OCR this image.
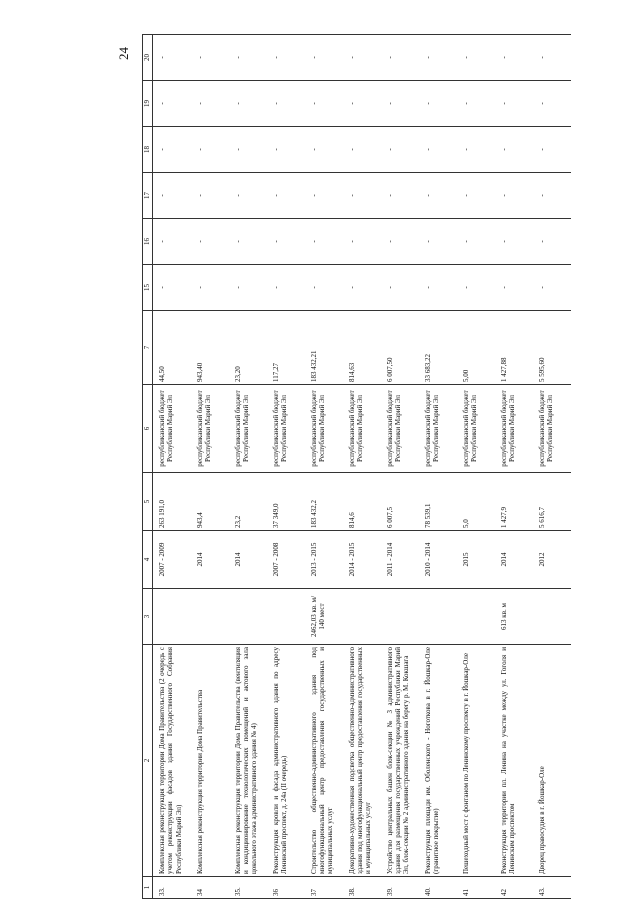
24
1	2	3	4	5	6	7	15	16	17	18	19	20
33.	Комплексная реконструкция территории Дома Правительства (2 очередь с учетом реконструкции фасадов здания Государственного Собрания Республики Марий Эл)		2007 - 2009	263 191,0	республиканский бюджет Республики Марий Эл	44,50	-	-	-	-	-	-
34	Комплексная реконструкция территории Дома Правительства		2014	943,4	республиканский бюджет Республики Марий Эл	943,40	-	-	-	-	-	-
35.	Комплексная реконструкция территории Дома Правительства (вентиляция и кондиционирование технологических помещений и актового зала цокольного этажа административного здания № 4)		2014	23,2	республиканский бюджет Республики Марий Эл	23,20	-	-	-	-	-	-
36	Реконструкция кровли и фасада административного здания по адресу Ленинский проспект, д. 24а (II очередь)		2007 - 2008	37 349,0	республиканский бюджет Республики Марий Эл	117,27	-	-	-	-	-	-
37	Строительство общественно-административного здания под многофункциональный центр предоставления государственных и муниципальных услуг	2462,03 кв. м/ 140 мест	2013 - 2015	183 432,2	республиканский бюджет Республики Марий Эл	183 432,21	-	-	-	-	-	-
38.	Декоративно-художественная подсветка общественно-административного здания под многофункциональный центр предоставления государственных и муниципальных услуг		2014 - 2015	814,6	республиканский бюджет Республики Марий Эл	814,63	-	-	-	-	-	-
39.	Устройство центральных башен блок-секции № 3 административного здания для размещения государственных учреждений Республики Марий Эл, блок-секции № 2 административного здания на берегу р. М. Кокшага		2011 - 2014	6 007,5	республиканский бюджет Республики Марий Эл	6 007,50	-	-	-	-	-	-
40.	Реконструкция площади им. Оболенского - Ноготкова в г. Йошкар-Оле (гранитное покрытие)		2010 - 2014	78 539,1	республиканский бюджет Республики Марий Эл	33 683,22	-	-	-	-	-	-
41	Пешеходный мост с фонтаном по Ленинскому проспекту в г. Йошкар-Оле		2015	5,0	республиканский бюджет Республики Марий Эл	5,00	-	-	-	-	-	-
42	Реконструкция территории пл. Ленина на участке между ул. Гоголя и Ленинским проспектом	613 кв. м	2014	1 427,9	республиканский бюджет Республики Марий Эл	1 427,88	-	-	-	-	-	-
43.	Дворец правосудия в г. Йошкар-Оле		2012	5 616,7	республиканский бюджет Республики Марий Эл	5 595,60	-	-	-	-	-	-
